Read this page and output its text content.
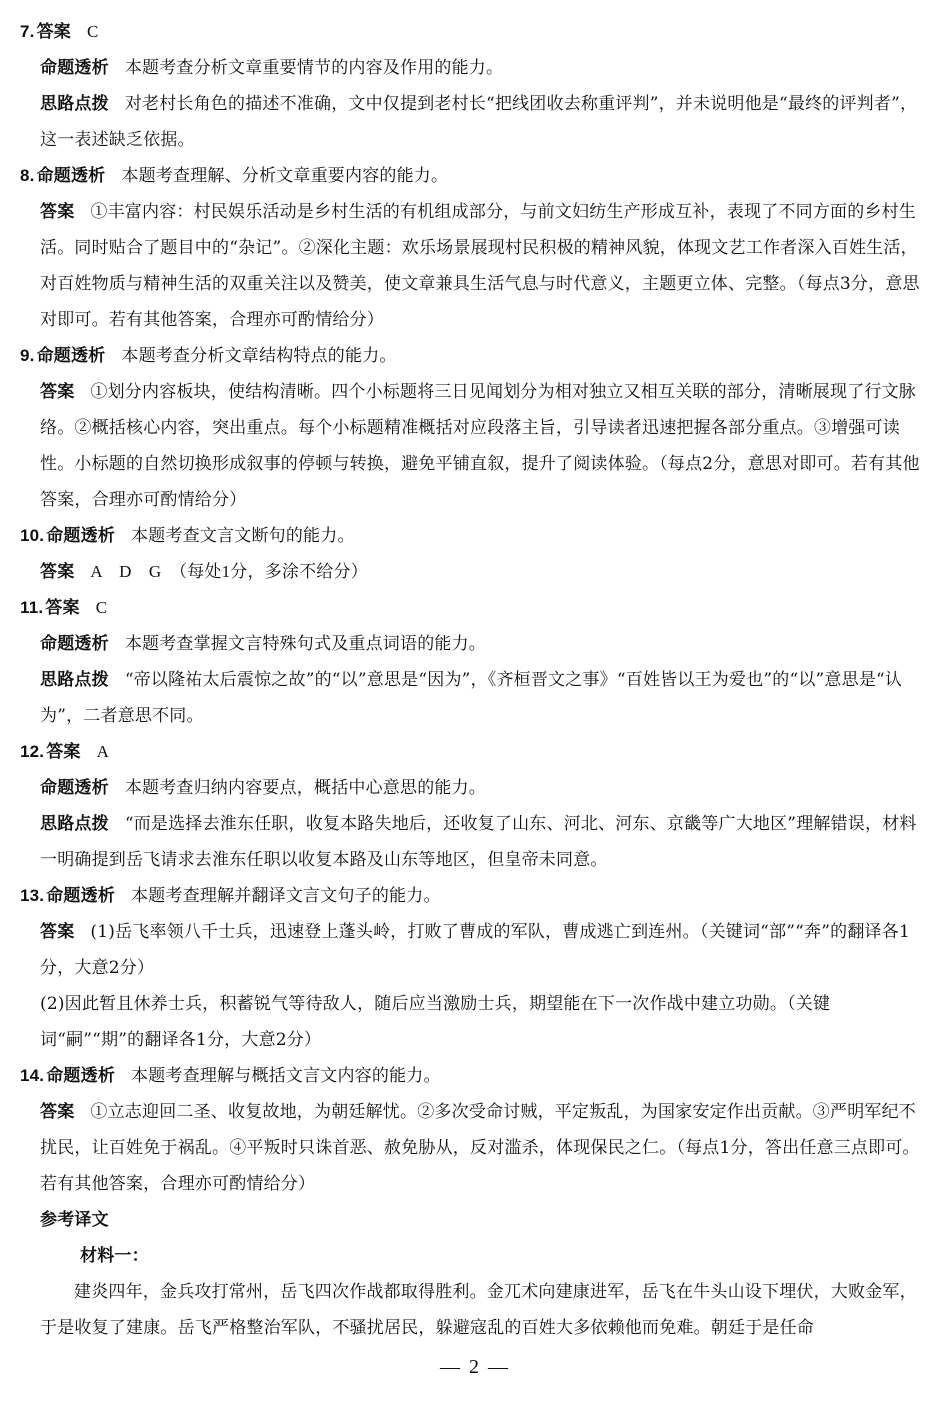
7. 答案 C

命题透析 本题考查分析文章重要情节的内容及作用的能力。

思路点拨 对老村长角色的描述不准确，文中仅提到老村长“把线团收去称重评判”，并未说明他是“最终的评判者”，这一表述缺乏依据。

8. 命题透析 本题考查理解、分析文章重要内容的能力。

答案 ①丰富内容：村民娱乐活动是乡村生活的有机组成部分，与前文妇纺生产形成互补，表现了不同方面的乡村生活。同时贴合了题目中的“杂记”。②深化主题：欢乐场景展现村民积极的精神风貌，体现文艺工作者深入百姓生活，对百姓物质与精神生活的双重关注以及赞美，使文章兼具生活气息与时代意义，主题更立体、完整。（每点3分，意思对即可。若有其他答案，合理亦可酌情给分）

9. 命题透析 本题考查分析文章结构特点的能力。

答案 ①划分内容板块，使结构清晰。四个小标题将三日见闻划分为相对独立又相互关联的部分，清晰展现了行文脉络。②概括核心内容，突出重点。每个小标题精准概括对应段落主旨，引导读者迅速把握各部分重点。③增强可读性。小标题的自然切换形成叙事的停顿与转换，避免平铺直叙，提升了阅读体验。（每点2分，意思对即可。若有其他答案，合理亦可酌情给分）

10. 命题透析 本题考查文言文断句的能力。

答案 A　D　G　（每处1分，多涂不给分）

11. 答案 C

命题透析 本题考查掌握文言特殊句式及重点词语的能力。

思路点拨 “帝以隆祐太后震惊之故”的“以”意思是“因为”，《齐桓晋文之事》“百姓皆以王为爱也”的“以”意思是“认为”，二者意思不同。

12. 答案 A

命题透析 本题考查归纳内容要点，概括中心意思的能力。

思路点拨 “而是选择去淮东任职，收复本路失地后，还收复了山东、河北、河东、京畿等广大地区”理解错误，材料一明确提到岳飞请求去淮东任职以收复本路及山东等地区，但皇帝未同意。

13. 命题透析 本题考查理解并翻译文言文句子的能力。

答案 (1)岳飞率领八千士兵，迅速登上蓬头岭，打败了曹成的军队，曹成逃亡到连州。（关键词“部”“奔”的翻译各1分，大意2分）

(2)因此暂且休养士兵，积蓄锐气等待敌人，随后应当激励士兵，期望能在下一次作战中建立功勋。（关键词“嗣”“期”的翻译各1分，大意2分）

14. 命题透析 本题考查理解与概括文言文内容的能力。

答案 ①立志迎回二圣、收复故地，为朝廷解忧。②多次受命讨贼，平定叛乱，为国家安定作出贡献。③严明军纪不扰民，让百姓免于祸乱。④平叛时只诛首恶、赦免胁从，反对滥杀，体现保民之仁。（每点1分，答出任意三点即可。若有其他答案，合理亦可酌情给分）

参考译文

材料一：

建炎四年，金兵攻打常州，岳飞四次作战都取得胜利。金兀术向建康进军，岳飞在牛头山设下埋伏，大败金军，于是收复了建康。岳飞严格整治军队，不骚扰居民，躲避寇乱的百姓大多依赖他而免难。朝廷于是任命

— 2 —
